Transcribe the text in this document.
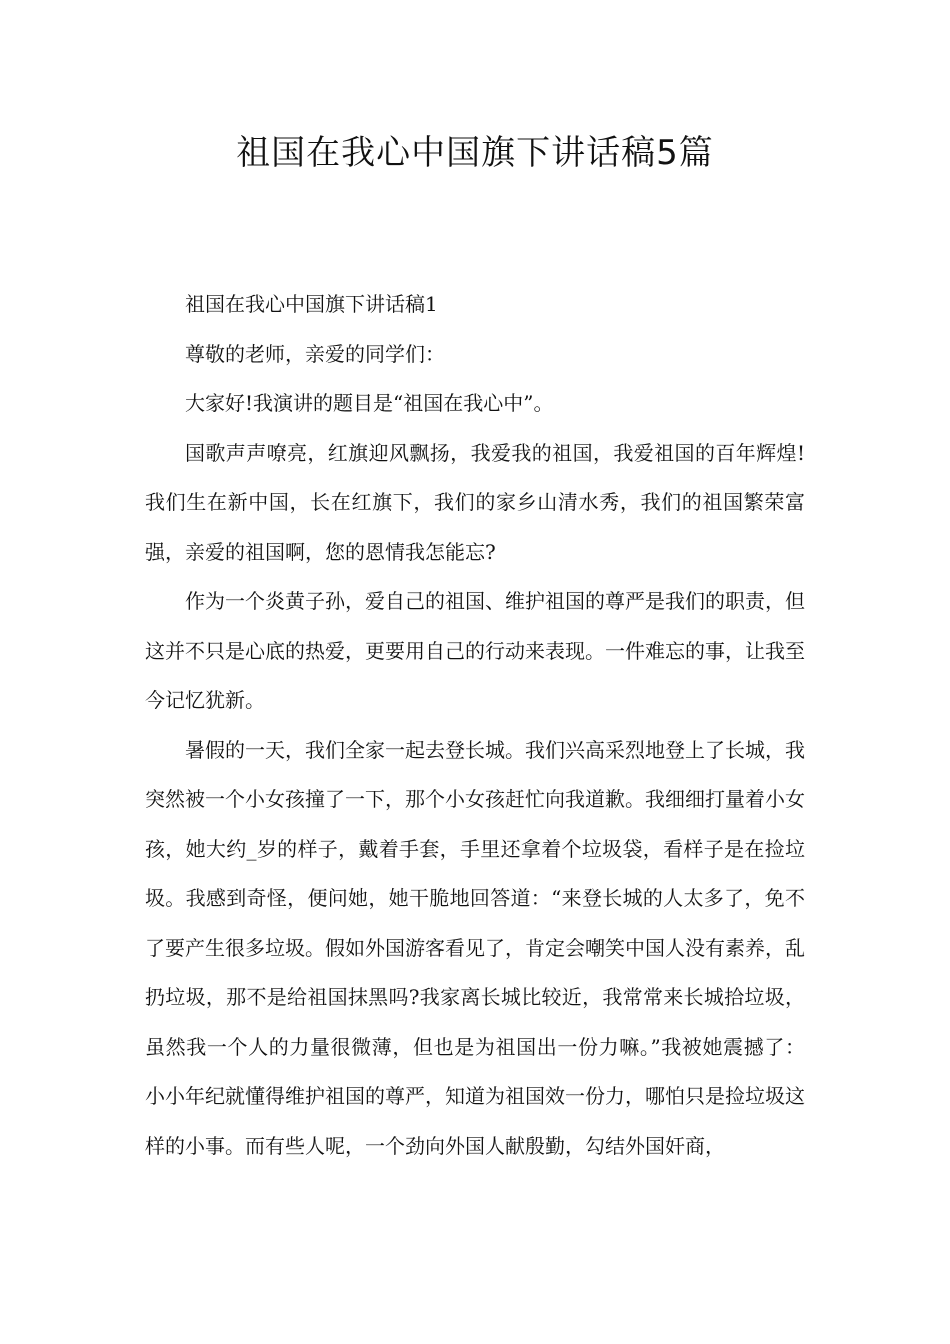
祖国在我心中国旗下讲话稿5篇

祖国在我心中国旗下讲话稿1

尊敬的老师，亲爱的同学们：

大家好!我演讲的题目是“祖国在我心中”。

国歌声声嘹亮，红旗迎风飘扬，我爱我的祖国，我爱祖国的百年辉煌!我们生在新中国，长在红旗下，我们的家乡山清水秀，我们的祖国繁荣富强，亲爱的祖国啊，您的恩情我怎能忘?

作为一个炎黄子孙，爱自己的祖国、维护祖国的尊严是我们的职责，但这并不只是心底的热爱，更要用自己的行动来表现。一件难忘的事，让我至今记忆犹新。

暑假的一天，我们全家一起去登长城。我们兴高采烈地登上了长城，我突然被一个小女孩撞了一下，那个小女孩赶忙向我道歉。我细细打量着小女孩，她大约_岁的样子，戴着手套，手里还拿着个垃圾袋，看样子是在捡垃圾。我感到奇怪，便问她，她干脆地回答道：“来登长城的人太多了，免不了要产生很多垃圾。假如外国游客看见了，肯定会嘲笑中国人没有素养，乱扔垃圾，那不是给祖国抹黑吗?我家离长城比较近，我常常来长城拾垃圾，虽然我一个人的力量很微薄，但也是为祖国出一份力嘛。”我被她震撼了：小小年纪就懂得维护祖国的尊严，知道为祖国效一份力，哪怕只是捡垃圾这样的小事。而有些人呢，一个劲向外国人献殷勤，勾结外国奸商，
